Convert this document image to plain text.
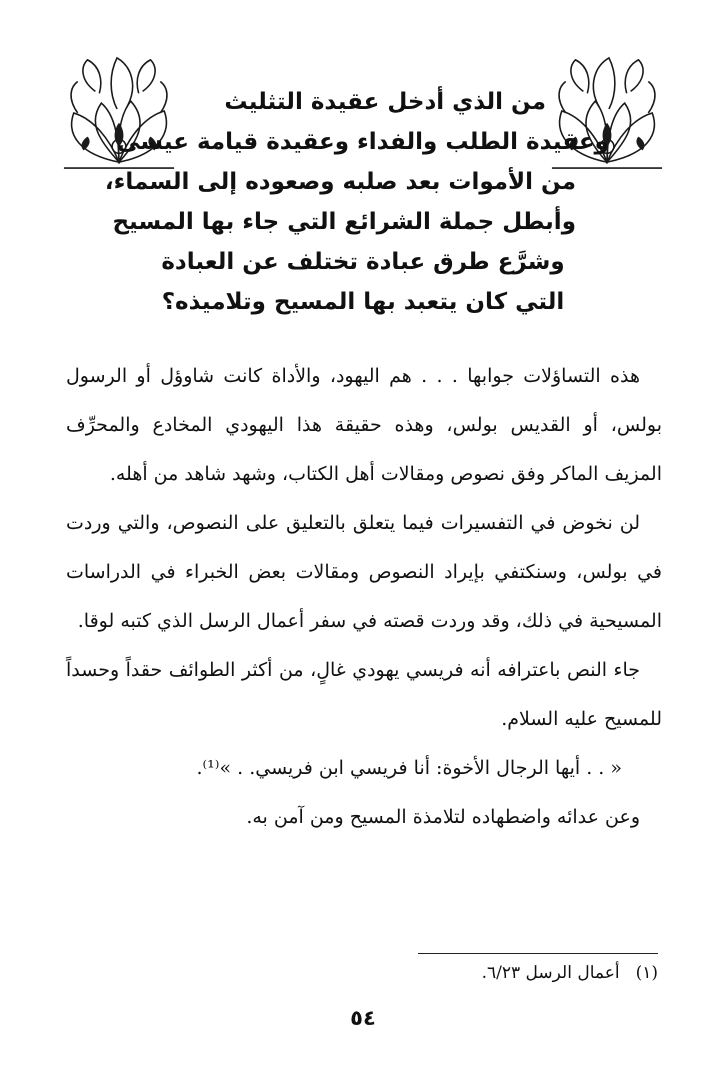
من الذي أدخل عقيدة التثليث
وعقيدة الطلب والفداء وعقيدة قيامة عيسى
من الأموات بعد صلبه وصعوده إلى السماء،
وأبطل جملة الشرائع التي جاء بها المسيح
وشرَّع طرق عبادة تختلف عن العبادة
التي كان يتعبد بها المسيح وتلاميذه؟

هذه التساؤلات جوابها . . . هم اليهود، والأداة كانت شاوؤل أو الرسول بولس، أو القديس بولس، وهذه حقيقة هذا اليهودي المخادع والمحرِّف المزيف الماكر وفق نصوص ومقالات أهل الكتاب، وشهد شاهد من أهله.

لن نخوض في التفسيرات فيما يتعلق بالتعليق على النصوص، والتي وردت في بولس، وسنكتفي بإيراد النصوص ومقالات بعض الخبراء في الدراسات المسيحية في ذلك، وقد وردت قصته في سفر أعمال الرسل الذي كتبه لوقا.

جاء النص باعترافه أنه فريسي يهودي غالٍ، من أكثر الطوائف حقداً وحسداً للمسيح عليه السلام.

« . . أيها الرجال الأخوة: أنا فريسي ابن فريسي. . »⁽¹⁾.

وعن عدائه واضطهاده لتلامذة المسيح ومن آمن به.

(١)أعمال الرسل ٦/٢٣.
٥٤
